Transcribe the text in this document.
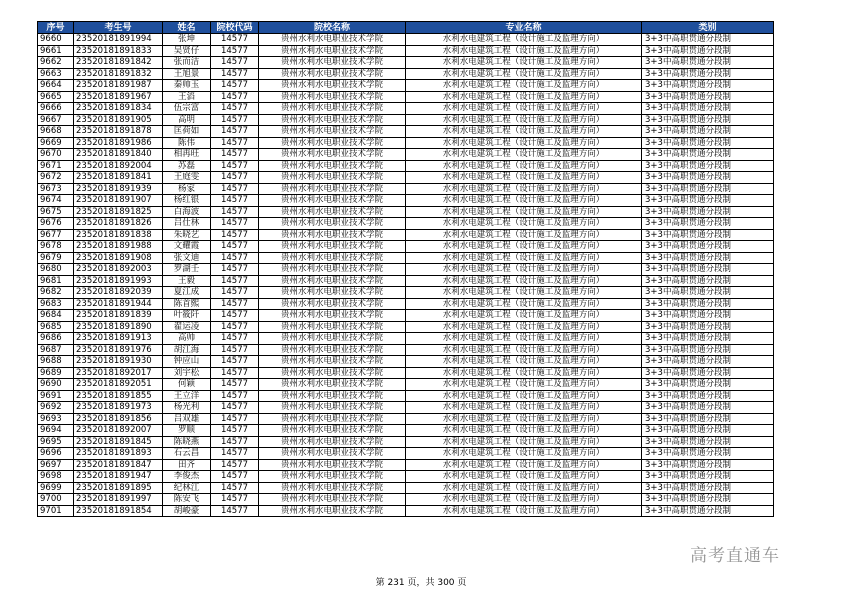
序号	考生号	姓名	院校代码	院校名称	专业名称	类别
9660	23520181891994	张坤	14577	贵州水利水电职业技术学院	水利水电建筑工程（设计施工及监理方向）	3+3中高职贯通分段制
9661	23520181891833	吴贤仔	14577	贵州水利水电职业技术学院	水利水电建筑工程（设计施工及监理方向）	3+3中高职贯通分段制
9662	23520181891842	张而洁	14577	贵州水利水电职业技术学院	水利水电建筑工程（设计施工及监理方向）	3+3中高职贯通分段制
9663	23520181891832	王旭景	14577	贵州水利水电职业技术学院	水利水电建筑工程（设计施工及监理方向）	3+3中高职贯通分段制
9664	23520181891987	秦帅玉	14577	贵州水利水电职业技术学院	水利水电建筑工程（设计施工及监理方向）	3+3中高职贯通分段制
9665	23520181891967	王滔	14577	贵州水利水电职业技术学院	水利水电建筑工程（设计施工及监理方向）	3+3中高职贯通分段制
9666	23520181891834	伍宗富	14577	贵州水利水电职业技术学院	水利水电建筑工程（设计施工及监理方向）	3+3中高职贯通分段制
9667	23520181891905	高明	14577	贵州水利水电职业技术学院	水利水电建筑工程（设计施工及监理方向）	3+3中高职贯通分段制
9668	23520181891878	匡荷如	14577	贵州水利水电职业技术学院	水利水电建筑工程（设计施工及监理方向）	3+3中高职贯通分段制
9669	23520181891986	陈伟	14577	贵州水利水电职业技术学院	水利水电建筑工程（设计施工及监理方向）	3+3中高职贯通分段制
9670	23520181891840	相再旺	14577	贵州水利水电职业技术学院	水利水电建筑工程（设计施工及监理方向）	3+3中高职贯通分段制
9671	23520181892004	苏磊	14577	贵州水利水电职业技术学院	水利水电建筑工程（设计施工及监理方向）	3+3中高职贯通分段制
9672	23520181891841	王庭雯	14577	贵州水利水电职业技术学院	水利水电建筑工程（设计施工及监理方向）	3+3中高职贯通分段制
9673	23520181891939	杨家	14577	贵州水利水电职业技术学院	水利水电建筑工程（设计施工及监理方向）	3+3中高职贯通分段制
9674	23520181891907	杨红银	14577	贵州水利水电职业技术学院	水利水电建筑工程（设计施工及监理方向）	3+3中高职贯通分段制
9675	23520181891825	白海波	14577	贵州水利水电职业技术学院	水利水电建筑工程（设计施工及监理方向）	3+3中高职贯通分段制
9676	23520181891826	吕仕林	14577	贵州水利水电职业技术学院	水利水电建筑工程（设计施工及监理方向）	3+3中高职贯通分段制
9677	23520181891838	朱晓艺	14577	贵州水利水电职业技术学院	水利水电建筑工程（设计施工及监理方向）	3+3中高职贯通分段制
9678	23520181891988	文耀霞	14577	贵州水利水电职业技术学院	水利水电建筑工程（设计施工及监理方向）	3+3中高职贯通分段制
9679	23520181891908	张文迪	14577	贵州水利水电职业技术学院	水利水电建筑工程（设计施工及监理方向）	3+3中高职贯通分段制
9680	23520181892003	罗湖壬	14577	贵州水利水电职业技术学院	水利水电建筑工程（设计施工及监理方向）	3+3中高职贯通分段制
9681	23520181891993	王毅	14577	贵州水利水电职业技术学院	水利水电建筑工程（设计施工及监理方向）	3+3中高职贯通分段制
9682	23520181892039	夏江成	14577	贵州水利水电职业技术学院	水利水电建筑工程（设计施工及监理方向）	3+3中高职贯通分段制
9683	23520181891944	陈首熙	14577	贵州水利水电职业技术学院	水利水电建筑工程（设计施工及监理方向）	3+3中高职贯通分段制
9684	23520181891839	叶筱阡	14577	贵州水利水电职业技术学院	水利水电建筑工程（设计施工及监理方向）	3+3中高职贯通分段制
9685	23520181891890	翟运凌	14577	贵州水利水电职业技术学院	水利水电建筑工程（设计施工及监理方向）	3+3中高职贯通分段制
9686	23520181891913	高帅	14577	贵州水利水电职业技术学院	水利水电建筑工程（设计施工及监理方向）	3+3中高职贯通分段制
9687	23520181891976	胡江海	14577	贵州水利水电职业技术学院	水利水电建筑工程（设计施工及监理方向）	3+3中高职贯通分段制
9688	23520181891930	钟应山	14577	贵州水利水电职业技术学院	水利水电建筑工程（设计施工及监理方向）	3+3中高职贯通分段制
9689	23520181892017	刘宇松	14577	贵州水利水电职业技术学院	水利水电建筑工程（设计施工及监理方向）	3+3中高职贯通分段制
9690	23520181892051	何颖	14577	贵州水利水电职业技术学院	水利水电建筑工程（设计施工及监理方向）	3+3中高职贯通分段制
9691	23520181891855	王立洋	14577	贵州水利水电职业技术学院	水利水电建筑工程（设计施工及监理方向）	3+3中高职贯通分段制
9692	23520181891973	杨光利	14577	贵州水利水电职业技术学院	水利水电建筑工程（设计施工及监理方向）	3+3中高职贯通分段制
9693	23520181891856	吕双雄	14577	贵州水利水电职业技术学院	水利水电建筑工程（设计施工及监理方向）	3+3中高职贯通分段制
9694	23520181892007	罗顺	14577	贵州水利水电职业技术学院	水利水电建筑工程（设计施工及监理方向）	3+3中高职贯通分段制
9695	23520181891845	陈晓燕	14577	贵州水利水电职业技术学院	水利水电建筑工程（设计施工及监理方向）	3+3中高职贯通分段制
9696	23520181891893	石云昌	14577	贵州水利水电职业技术学院	水利水电建筑工程（设计施工及监理方向）	3+3中高职贯通分段制
9697	23520181891847	田齐	14577	贵州水利水电职业技术学院	水利水电建筑工程（设计施工及监理方向）	3+3中高职贯通分段制
9698	23520181891947	李俊杰	14577	贵州水利水电职业技术学院	水利水电建筑工程（设计施工及监理方向）	3+3中高职贯通分段制
9699	23520181891895	纪林江	14577	贵州水利水电职业技术学院	水利水电建筑工程（设计施工及监理方向）	3+3中高职贯通分段制
9700	23520181891997	陈安飞	14577	贵州水利水电职业技术学院	水利水电建筑工程（设计施工及监理方向）	3+3中高职贯通分段制
9701	23520181891854	胡峻豪	14577	贵州水利水电职业技术学院	水利水电建筑工程（设计施工及监理方向）	3+3中高职贯通分段制
第 231 页，共 300 页
高考直通车
